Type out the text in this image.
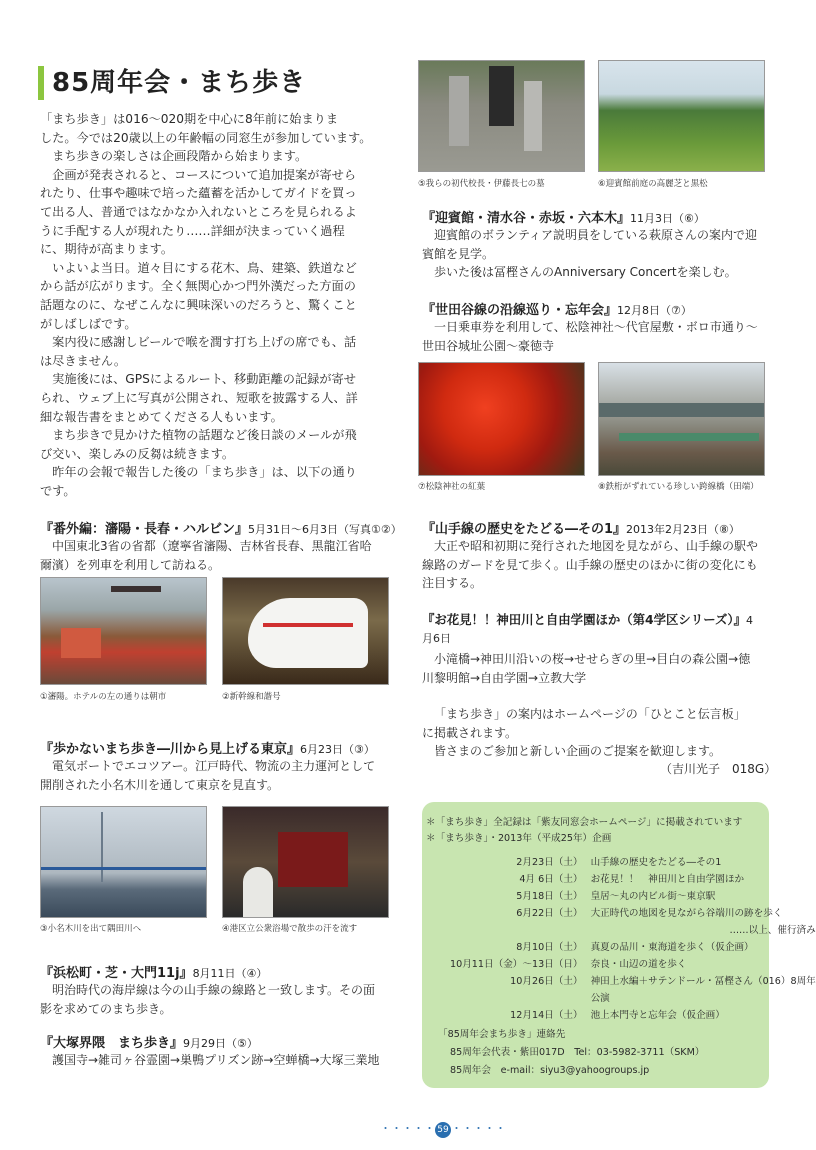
85周年会・まち歩き
「まち歩き」は016～020期を中心に8年前に始まりま
した。今では20歳以上の年齢幅の同窓生が参加しています。
　まち歩きの楽しさは企画段階から始まります。
　企画が発表されると、コースについて追加提案が寄せら
れたり、仕事や趣味で培った蘊蓄を活かしてガイドを買っ
て出る人、普通ではなかなか入れないところを見られるよ
うに手配する人が現れたり……詳細が決まっていく過程
に、期待が高まります。
　いよいよ当日。道々目にする花木、鳥、建築、鉄道など
から話が広がります。全く無関心かつ門外漢だった方面の
話題なのに、なぜこんなに興味深いのだろうと、驚くこと
がしばしばです。
　案内役に感謝しビールで喉を潤す打ち上げの席でも、話
は尽きません。
　実施後には、GPSによるルート、移動距離の記録が寄せ
られ、ウェブ上に写真が公開され、短歌を披露する人、詳
細な報告書をまとめてくださる人もいます。
　まち歩きで見かけた植物の話題など後日談のメールが飛
び交い、楽しみの反芻は続きます。
　昨年の会報で報告した後の「まち歩き」は、以下の通り
です。
『番外編：瀋陽・長春・ハルビン』5月31日～6月3日（写真①②）
中国東北3省の省都（遼寧省瀋陽、吉林省長春、黒龍江省哈
爾濱）を列車を利用して訪ねる。
①瀋陽。ホテルの左の通りは朝市	②新幹線和諧号
『歩かないまち歩き―川から見上げる東京』6月23日（③）
電気ボートでエコツアー。江戸時代、物流の主力運河として
開削された小名木川を通して東京を見直す。
③小名木川を出て隅田川へ	④港区立公衆浴場で散歩の汗を流す
『浜松町・芝・大門11j』8月11日（④）
明治時代の海岸線は今の山手線の線路と一致します。その面
影を求めてのまち歩き。
『大塚界隈　まち歩き』9月29日（⑤）
護国寺→雑司ヶ谷霊園→巣鴨プリズン跡→空蝉橋→大塚三業地
⑤我らの初代校長・伊藤長七の墓	⑥迎賓館前庭の高麗芝と黒松
『迎賓館・清水谷・赤坂・六本木』11月3日（⑥）
迎賓館のボランティア説明員をしている萩原さんの案内で迎
賓館を見学。
歩いた後は冨樫さんのAnniversary Concertを楽しむ。
『世田谷線の沿線巡り・忘年会』12月8日（⑦）
一日乗車券を利用して、松陰神社～代官屋敷・ボロ市通り～
世田谷城址公園～豪徳寺
⑦松陰神社の紅葉	⑧鉄桁がずれている珍しい跨線橋（田端）
『山手線の歴史をたどる―その1』2013年2月23日（⑧）
大正や昭和初期に発行された地図を見ながら、山手線の駅や
線路のガードを見て歩く。山手線の歴史のほかに街の変化にも
注目する。
『お花見！！神田川と自由学園ほか（第4学区シリーズ）』4
月6日
小滝橋→神田川沿いの桜→せせらぎの里→目白の森公園→徳
川黎明館→自由学園→立教大学
「まち歩き」の案内はホームページの「ひとこと伝言板」
に掲載されます。
　皆さまのご参加と新しい企画のご提案を歓迎します。
（吉川光子　018G）
＊「まち歩き」全記録は「紫友同窓会ホームページ」に掲載されています
＊「まち歩き」・2013年（平成25年）企画
2月23日（土）	山手線の歴史をたどる―その1
4月 6日（土）	お花見！！　神田川と自由学園ほか
5月18日（土）	皇居～丸の内ビル街～東京駅
6月22日（土）	大正時代の地図を見ながら谷端川の跡を歩く
	……以上、催行済み
8月10日（土）	真夏の品川・東海道を歩く（仮企画）
10月11日（金）～13日（日）	奈良・山辺の道を歩く
10月26日（土）	神田上水編＋サテンドール・冨樫さん（016）8周年
	公演
12月14日（土）	池上本門寺と忘年会（仮企画）
「85周年会まち歩き」連絡先
85周年会代表・紫田017D　Tel：03-5982-3711（SKM）
85周年会　e-mail：siyu3@yahoogroups.jp
・・・・・ 59 ・・・・・
